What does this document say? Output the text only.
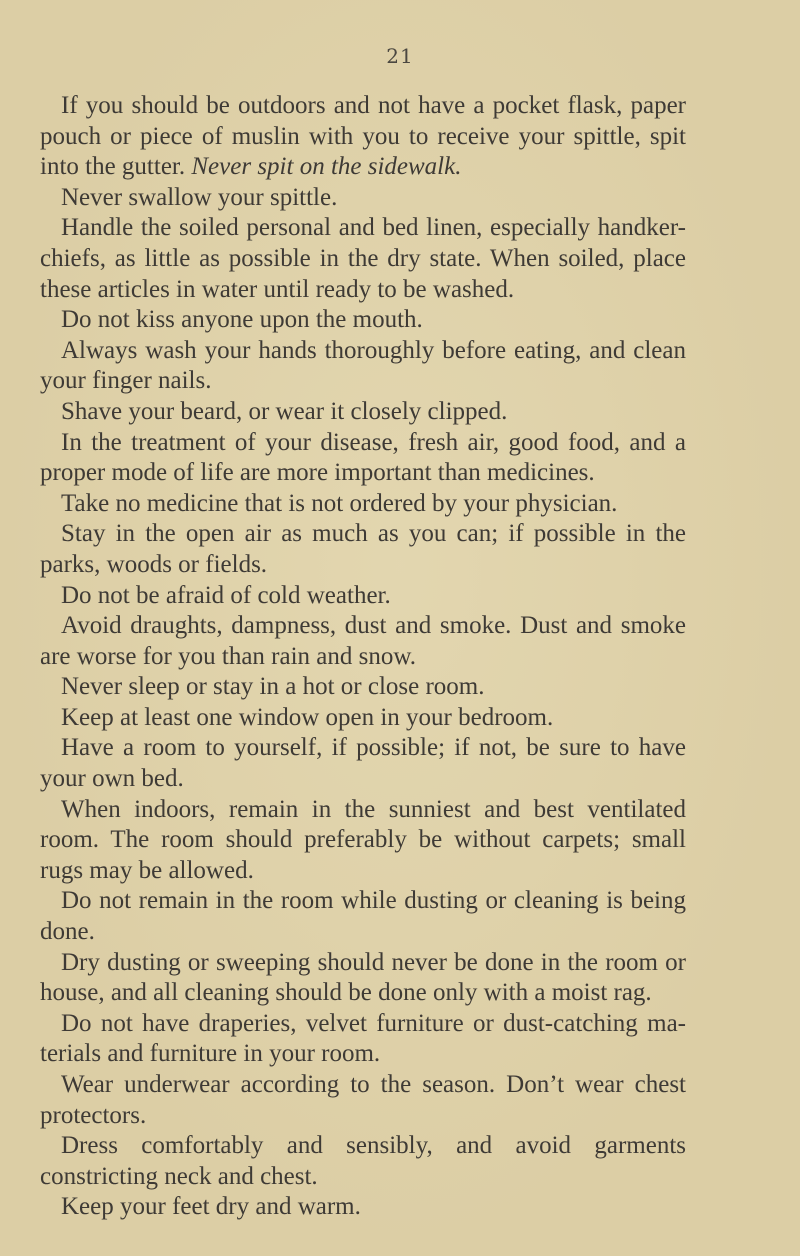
21

If you should be outdoors and not have a pocket flask, paper pouch or piece of muslin with you to receive your spittle, spit into the gutter. Never spit on the sidewalk.

Never swallow your spittle.

Handle the soiled personal and bed linen, especially handker- chiefs, as little as possible in the dry state. When soiled, place these articles in water until ready to be washed.

Do not kiss anyone upon the mouth.

Always wash your hands thoroughly before eating, and clean your finger nails.

Shave your beard, or wear it closely clipped.

In the treatment of your disease, fresh air, good food, and a proper mode of life are more important than medicines.

Take no medicine that is not ordered by your physician.

Stay in the open air as much as you can; if possible in the parks, woods or fields.

Do not be afraid of cold weather.

Avoid draughts, dampness, dust and smoke. Dust and smoke are worse for you than rain and snow.

Never sleep or stay in a hot or close room.

Keep at least one window open in your bedroom.

Have a room to yourself, if possible; if not, be sure to have your own bed.

When indoors, remain in the sunniest and best ventilated room. The room should preferably be without carpets; small rugs may be allowed.

Do not remain in the room while dusting or cleaning is being done.

Dry dusting or sweeping should never be done in the room or house, and all cleaning should be done only with a moist rag.

Do not have draperies, velvet furniture or dust-catching ma- terials and furniture in your room.

Wear underwear according to the season. Don’t wear chest protectors.

Dress comfortably and sensibly, and avoid garments constricting neck and chest.

Keep your feet dry and warm.
